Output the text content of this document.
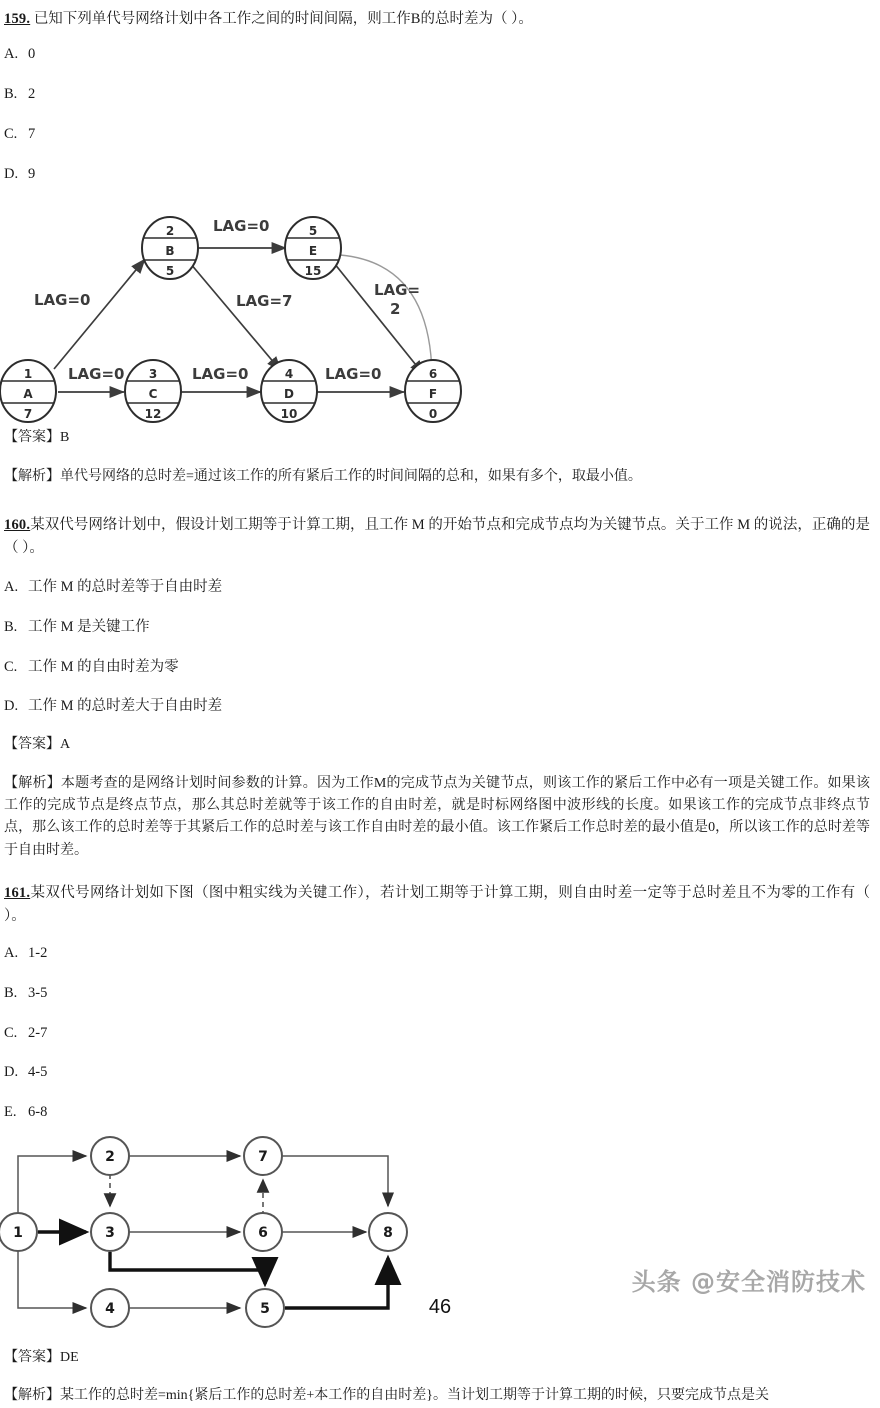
159. 已知下列单代号网络计划中各工作之间的时间间隔，则工作B的总时差为（ ）。
A. 0
B. 2
C. 7
D. 9
1
A
7
2
B
5
3
C
12
4
D
10
5
E
15
6
F
0
LAG=0
LAG=0
LAG=7
LAG=
2
LAG=0	LAG=0	LAG=0
【答案】B
【解析】单代号网络的总时差=通过该工作的所有紧后工作的时间间隔的总和，如果有多个，取最小值。
160.某双代号网络计划中，假设计划工期等于计算工期，且工作 M 的开始节点和完成节点均为关键节点。关于工作 M 的说法，正确的是（ ）。
A. 工作 M 的总时差等于自由时差
B. 工作 M 是关键工作
C. 工作 M 的自由时差为零
D. 工作 M 的总时差大于自由时差
【答案】A
【解析】本题考查的是网络计划时间参数的计算。因为工作M的完成节点为关键节点，则该工作的紧后工作中必有一项是关键工作。如果该工作的完成节点是终点节点，那么其总时差就等于该工作的自由时差，就是时标网络图中波形线的长度。如果该工作的完成节点非终点节点，那么该工作的总时差等于其紧后工作的总时差与该工作自由时差的最小值。该工作紧后工作总时差的最小值是0，所以该工作的总时差等于自由时差。
161.某双代号网络计划如下图（图中粗实线为关键工作），若计划工期等于计算工期，则自由时差一定等于总时差且不为零的工作有（ ）。
A. 1-2
B. 3-5
C. 2-7
D. 4-5
E. 6-8
1
2
3
4	5
6
7
8
【答案】DE
【解析】某工作的总时差=min{紧后工作的总时差+本工作的自由时差}。当计划工期等于计算工期的时候，只要完成节点是关
头条 @安全消防技术
46
